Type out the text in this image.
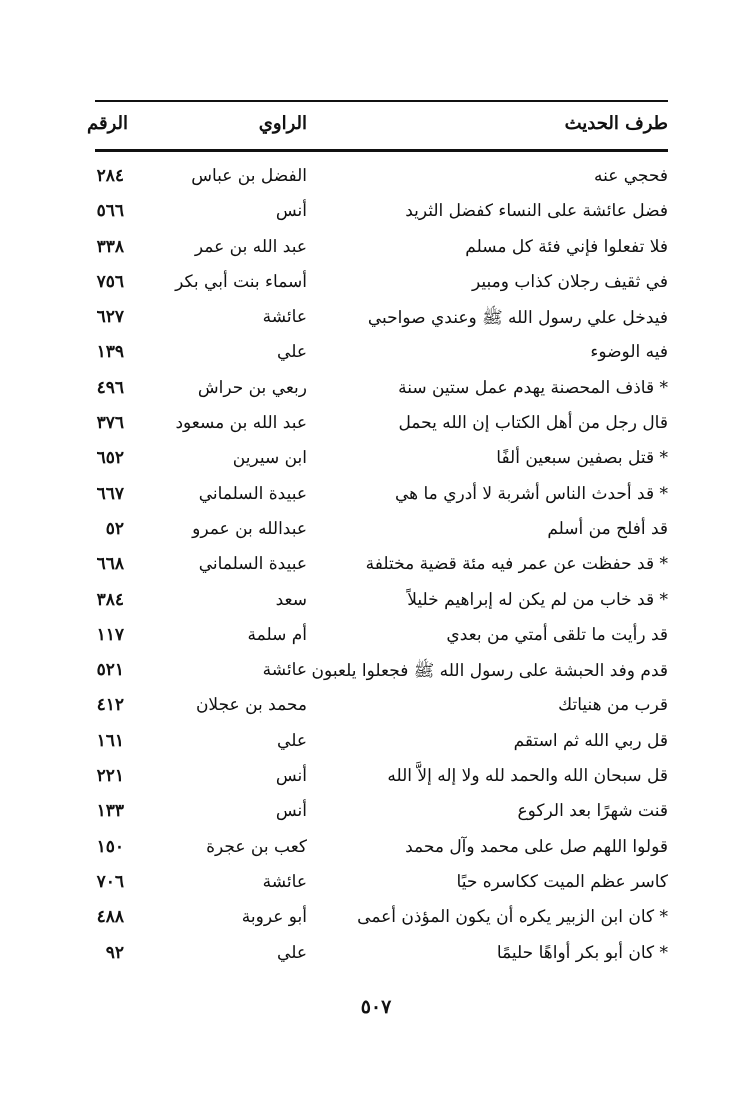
طرف الحديث
الراوي
الرقم
فحجي عنه
الفضل بن عباس
٢٨٤
فضل عائشة على النساء كفضل الثريد
أنس
٥٦٦
فلا تفعلوا فإني فئة كل مسلم
عبد الله بن عمر
٣٣٨
في ثقيف رجلان كذاب ومبير
أسماء بنت أبي بكر
٧٥٦
فيدخل علي رسول الله ﷺ وعندي صواحبي
عائشة
٦٢٧
فيه الوضوء
علي
١٣٩
* قاذف المحصنة يهدم عمل ستين سنة
ربعي بن حراش
٤٩٦
قال رجل من أهل الكتاب إن الله يحمل
عبد الله بن مسعود
٣٧٦
* قتل بصفين سبعين ألفًا
ابن سيرين
٦٥٢
* قد أحدث الناس أشربة لا أدري ما هي
عبيدة السلماني
٦٦٧
قد أفلح من أسلم
عبدالله بن عمرو
٥٢
* قد حفظت عن عمر فيه مئة قضية مختلفة
عبيدة السلماني
٦٦٨
* قد خاب من لم يكن له إبراهيم خليلاً
سعد
٣٨٤
قد رأيت ما تلقى أمتي من بعدي
أم سلمة
١١٧
قدم وفد الحبشة على رسول الله ﷺ فجعلوا يلعبون
عائشة
٥٢١
قرب من هنياتك
محمد بن عجلان
٤١٢
قل ربي الله ثم استقم
علي
١٦١
قل سبحان الله والحمد لله ولا إله إلاَّ الله
أنس
٢٢١
قنت شهرًا بعد الركوع
أنس
١٣٣
قولوا اللهم صل على محمد وآل محمد
كعب بن عجرة
١٥٠
كاسر عظم الميت ككاسره حيًا
عائشة
٧٠٦
* كان ابن الزبير يكره أن يكون المؤذن أعمى
أبو عروبة
٤٨٨
* كان أبو بكر أواهًا حليمًا
علي
٩٢
٥٠٧
